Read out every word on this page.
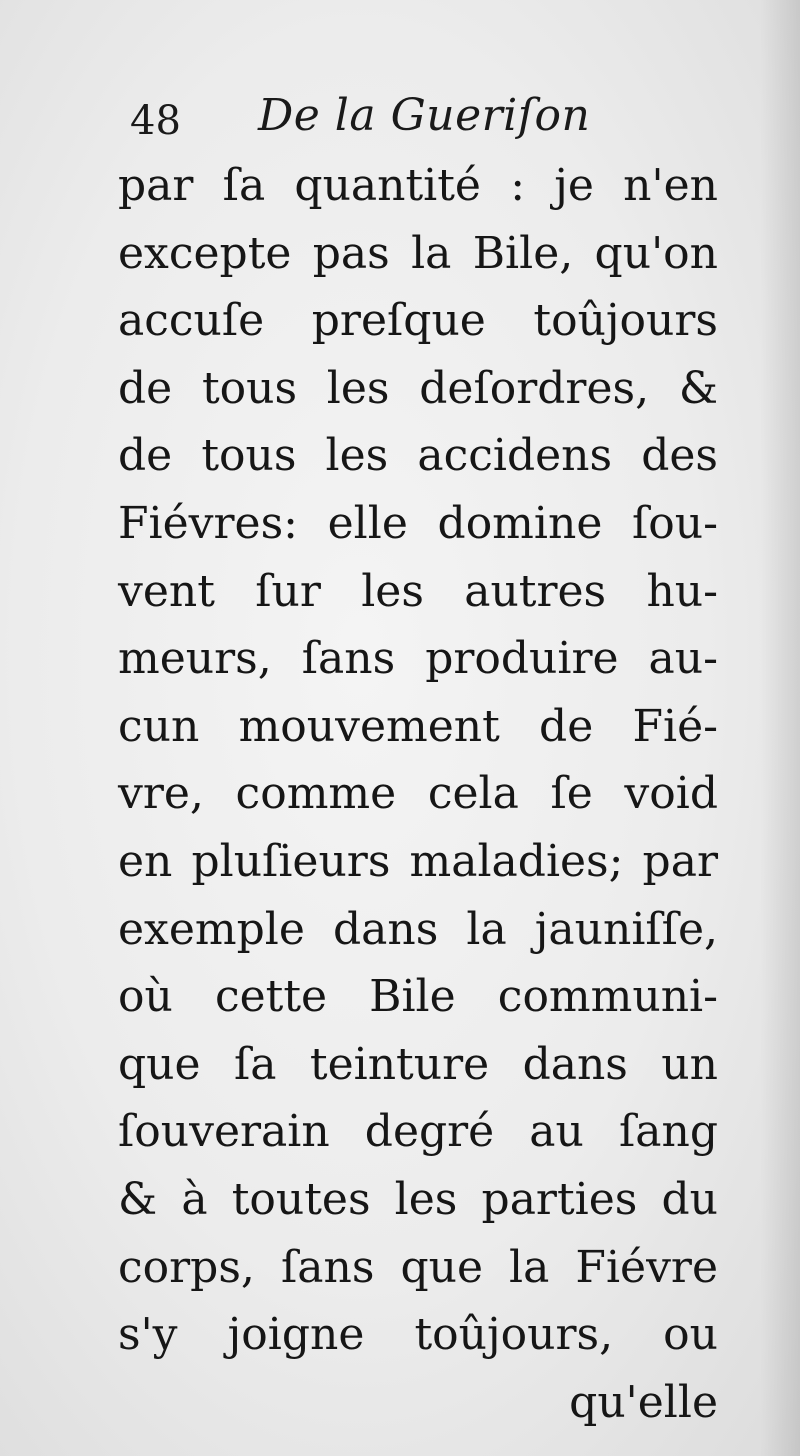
48 De la Gueriſon
par ſa quantité : je n'en
excepte pas la Bile, qu'on
accuſe preſque toûjours
de tous les deſordres, &
de tous les accidens des
Fiévres: elle domine ſou-
vent ſur les autres hu-
meurs, ſans produire au-
cun mouvement de Fié-
vre, comme cela ſe void
en pluſieurs maladies; par
exemple dans la jauniſſe,
où cette Bile communi-
que ſa teinture dans un
ſouverain degré au ſang
& à toutes les parties du
corps, ſans que la Fiévre
s'y joigne toûjours, ou
qu'elle
